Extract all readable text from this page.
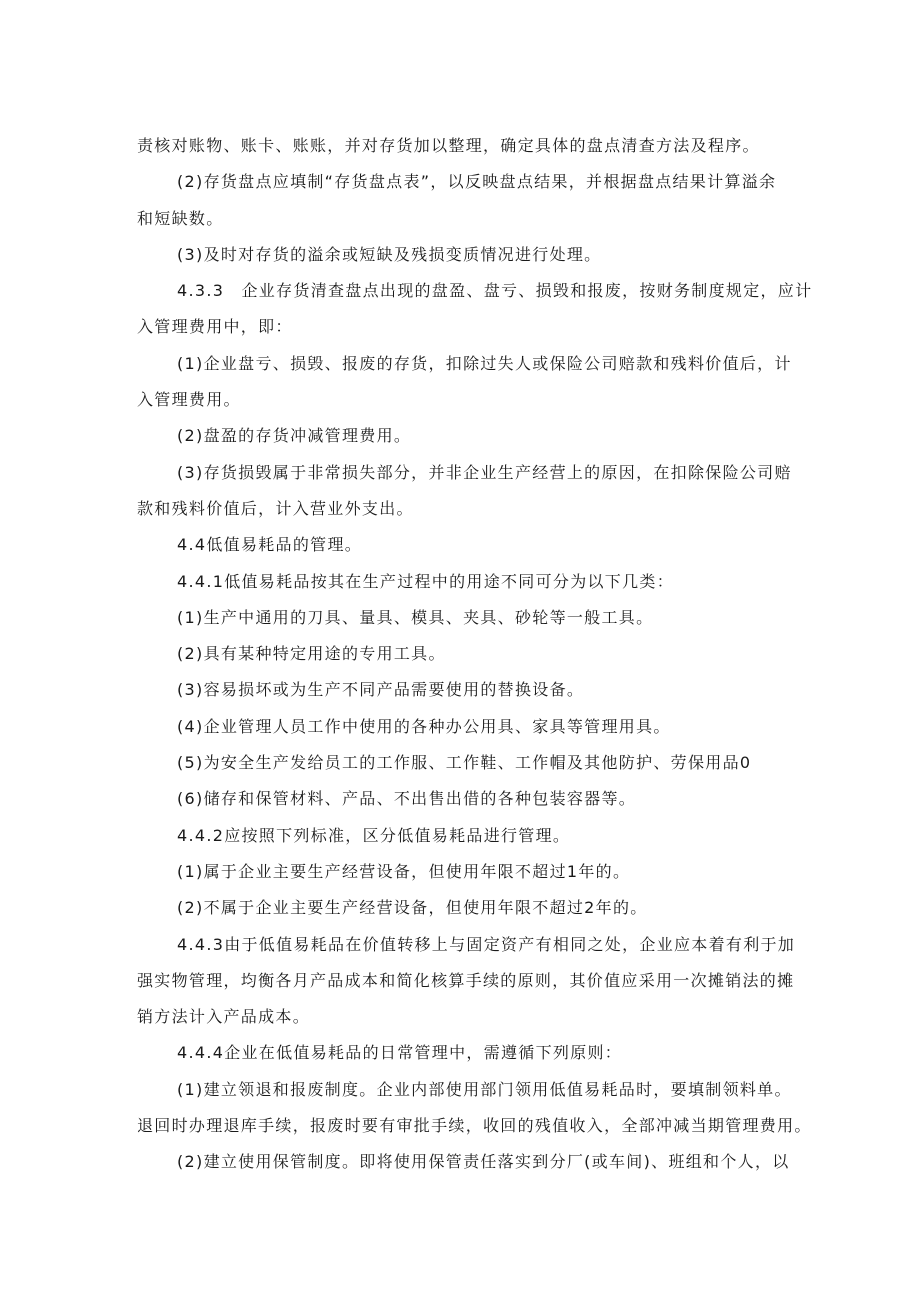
责核对账物、账卡、账账，并对存货加以整理，确定具体的盘点清查方法及程序。
(2)存货盘点应填制“存货盘点表”，以反映盘点结果，并根据盘点结果计算溢余
和短缺数。
(3)及时对存货的溢余或短缺及残损变质情况进行处理。
4.3.3　企业存货清查盘点出现的盘盈、盘亏、损毁和报废，按财务制度规定，应计
入管理费用中，即：
(1)企业盘亏、损毁、报废的存货，扣除过失人或保险公司赔款和残料价值后，计
入管理费用。
(2)盘盈的存货冲减管理费用。
(3)存货损毁属于非常损失部分，并非企业生产经营上的原因，在扣除保险公司赔
款和残料价值后，计入营业外支出。
4.4低值易耗品的管理。
4.4.1低值易耗品按其在生产过程中的用途不同可分为以下几类：
(1)生产中通用的刀具、量具、模具、夹具、砂轮等一般工具。
(2)具有某种特定用途的专用工具。
(3)容易损坏或为生产不同产品需要使用的替换设备。
(4)企业管理人员工作中使用的各种办公用具、家具等管理用具。
(5)为安全生产发给员工的工作服、工作鞋、工作帽及其他防护、劳保用品0
(6)储存和保管材料、产品、不出售出借的各种包装容器等。
4.4.2应按照下列标准，区分低值易耗品进行管理。
(1)属于企业主要生产经营设备，但使用年限不超过1年的。
(2)不属于企业主要生产经营设备，但使用年限不超过2年的。
4.4.3由于低值易耗品在价值转移上与固定资产有相同之处，企业应本着有利于加
强实物管理，均衡各月产品成本和简化核算手续的原则，其价值应采用一次摊销法的摊
销方法计入产品成本。
4.4.4企业在低值易耗品的日常管理中，需遵循下列原则：
(1)建立领退和报废制度。企业内部使用部门领用低值易耗品时，要填制领料单。
退回时办理退库手续，报废时要有审批手续，收回的残值收入，全部冲减当期管理费用。
(2)建立使用保管制度。即将使用保管责任落实到分厂(或车间)、班组和个人，以
